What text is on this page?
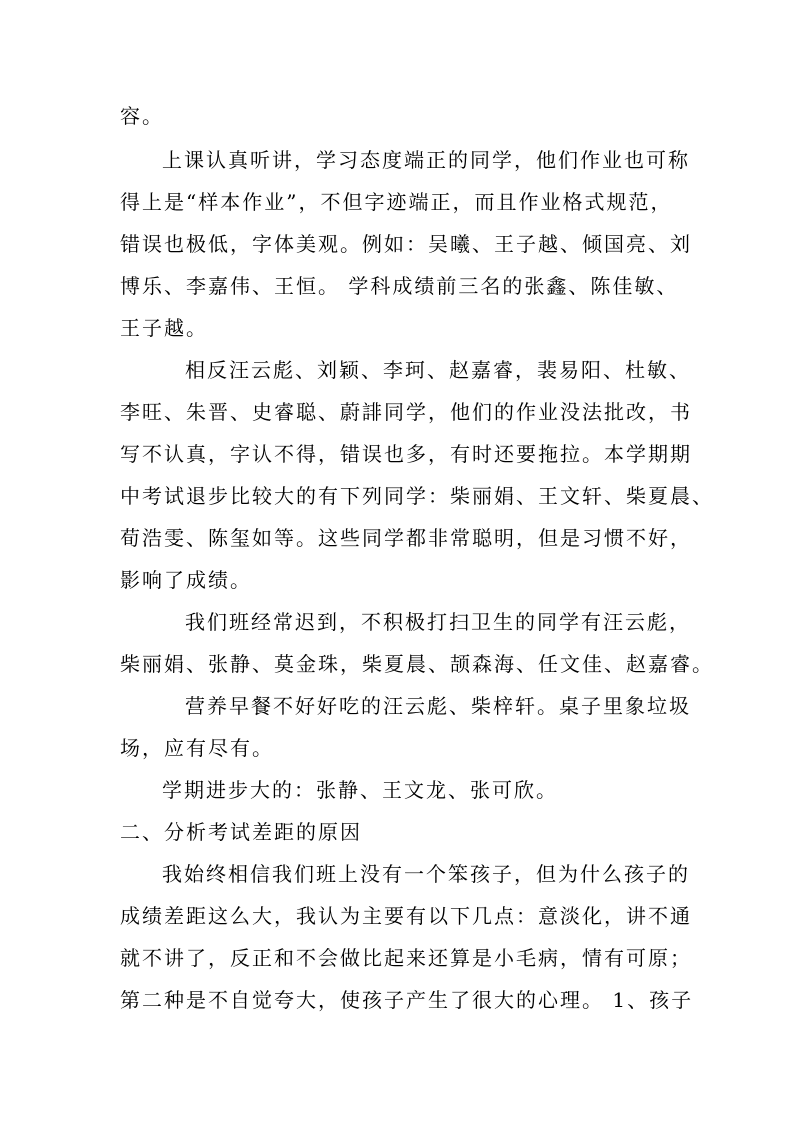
容。
上课认真听讲，学习态度端正的同学，他们作业也可称
得上是“样本作业”，不但字迹端正，而且作业格式规范，
错误也极低，字体美观。例如：吴曦、王子越、倾国亮、刘
博乐、李嘉伟、王恒。 学科成绩前三名的张鑫、陈佳敏、
王子越。
相反汪云彪、刘颖、李珂、赵嘉睿，裴易阳、杜敏、
李旺、朱晋、史睿聪、蔚誹同学，他们的作业没法批改，书
写不认真，字认不得，错误也多，有时还要拖拉。本学期期
中考试退步比较大的有下列同学：柴丽娟、王文轩、柴夏晨、
荀浩雯、陈玺如等。这些同学都非常聪明，但是习惯不好，
影响了成绩。
我们班经常迟到，不积极打扫卫生的同学有汪云彪，
柴丽娟、张静、莫金珠，柴夏晨、颉森海、任文佳、赵嘉睿。
营养早餐不好好吃的汪云彪、柴梓轩。桌子里象垃圾
场，应有尽有。
学期进步大的：张静、王文龙、张可欣。
二、分析考试差距的原因
我始终相信我们班上没有一个笨孩子，但为什么孩子的
成绩差距这么大，我认为主要有以下几点：意淡化，讲不通
就不讲了，反正和不会做比起来还算是小毛病，情有可原；
第二种是不自觉夸大，使孩子产生了很大的心理。 1、孩子
